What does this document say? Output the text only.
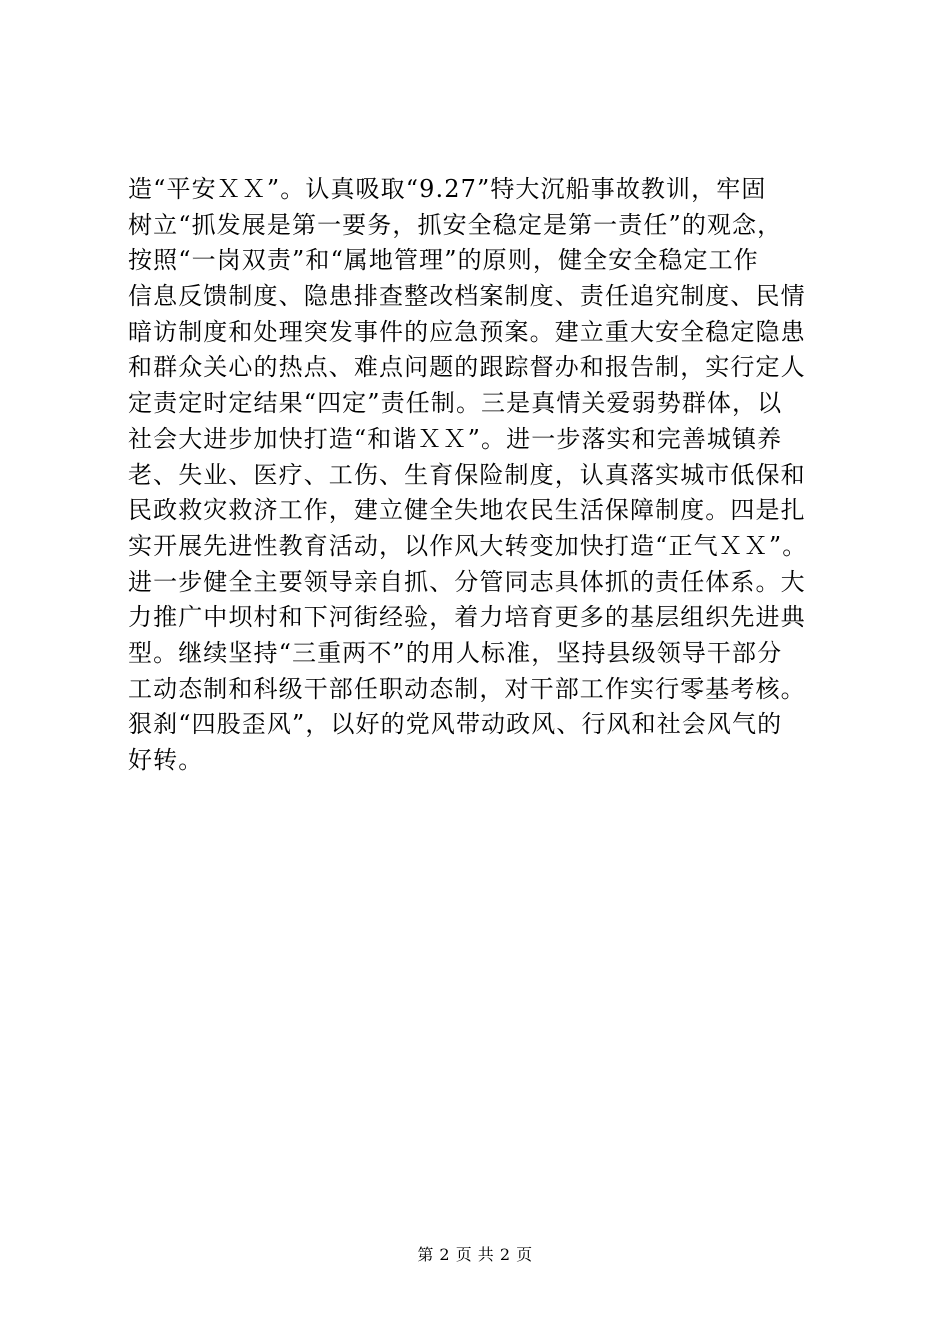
造“平安ＸＸ”。认真吸取“9.27”特大沉船事故教训，牢固
树立“抓发展是第一要务，抓安全稳定是第一责任”的观念，
按照“一岗双责”和“属地管理”的原则，健全安全稳定工作
信息反馈制度、隐患排查整改档案制度、责任追究制度、民情
暗访制度和处理突发事件的应急预案。建立重大安全稳定隐患
和群众关心的热点、难点问题的跟踪督办和报告制，实行定人
定责定时定结果“四定”责任制。三是真情关爱弱势群体，以
社会大进步加快打造“和谐ＸＸ”。进一步落实和完善城镇养
老、失业、医疗、工伤、生育保险制度，认真落实城市低保和
民政救灾救济工作，建立健全失地农民生活保障制度。四是扎
实开展先进性教育活动，以作风大转变加快打造“正气ＸＸ”。
进一步健全主要领导亲自抓、分管同志具体抓的责任体系。大
力推广中坝村和下河街经验，着力培育更多的基层组织先进典
型。继续坚持“三重两不”的用人标准，坚持县级领导干部分
工动态制和科级干部任职动态制，对干部工作实行零基考核。
狠刹“四股歪风”，以好的党风带动政风、行风和社会风气的
好转。
第 2 页 共 2 页
